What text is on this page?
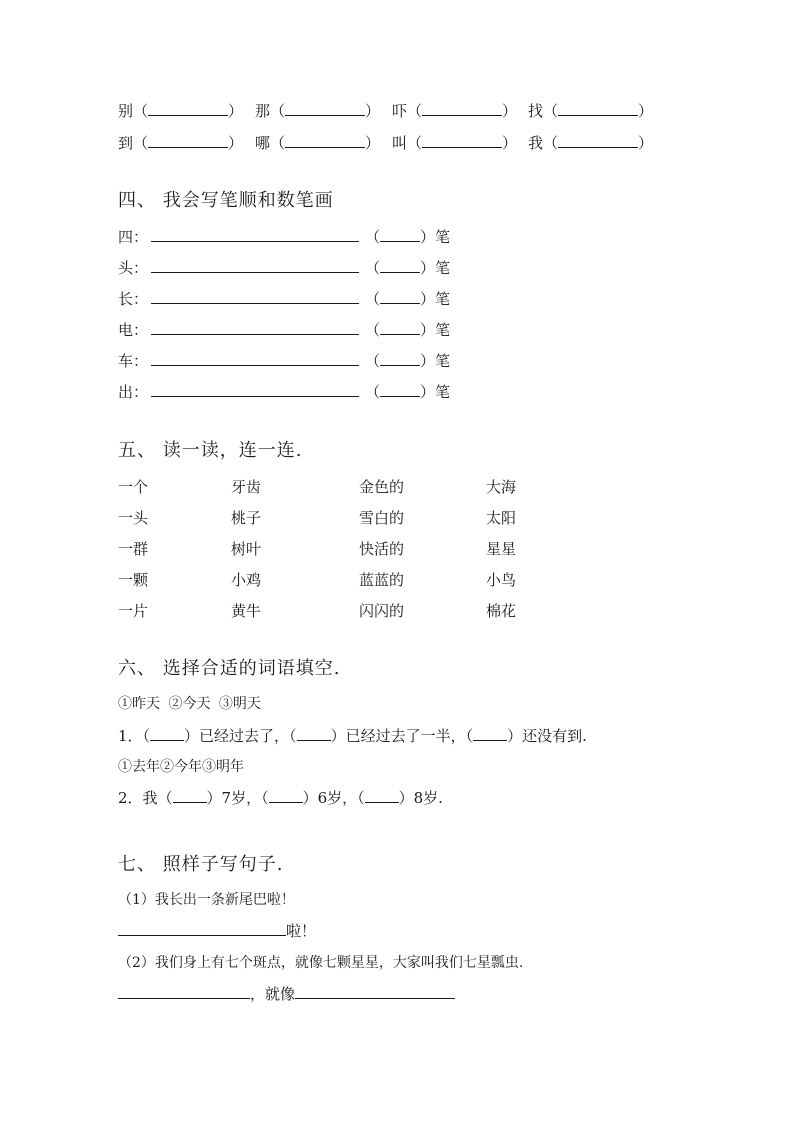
别（	） 那（	） 吓（	） 找（	）
到（	） 哪（	） 叫（	） 我（	）
四、 我会写笔顺和数笔画
四：	（	）笔
头：	（	）笔
长：	（	）笔
电：	（	）笔
车：	（	）笔
出：	（	）笔
五、 读一读，连一连.
一个	牙齿	金色的	大海
一头	桃子	雪白的	太阳
一群	树叶	快活的	星星
一颗	小鸡	蓝蓝的	小鸟
一片	黄牛	闪闪的	棉花
六、 选择合适的词语填空.
①昨天 ②今天 ③明天
1．（ ）已经过去了，（ ）已经过去了一半，（ ）还没有到.
①去年②今年③明年
2．我（ ）7岁，（ ）6岁，（ ）8岁.
七、 照样子写句子.
（1）我长出一条新尾巴啦！
啦！
（2）我们身上有七个斑点，就像七颗星星，大家叫我们七星瓢虫.
，就像
